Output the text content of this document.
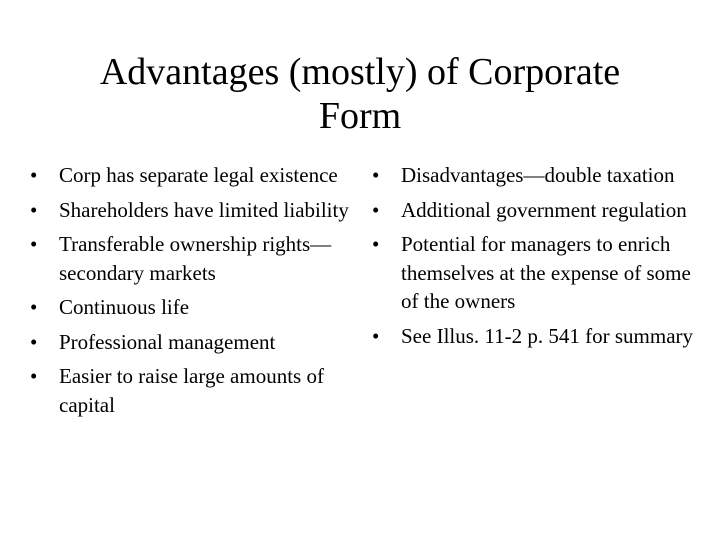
Advantages (mostly) of Corporate
Form
•	Corp has separate legal existence
•	Shareholders have limited liability
•	Transferable ownership rights—secondary markets
•	Continuous life
•	Professional management
•	Easier to raise large amounts of capital
•	Disadvantages—double taxation
•	Additional government regulation
•	Potential for managers to enrich themselves at the expense of some of the owners
•	See Illus. 11-2 p. 541 for summary
